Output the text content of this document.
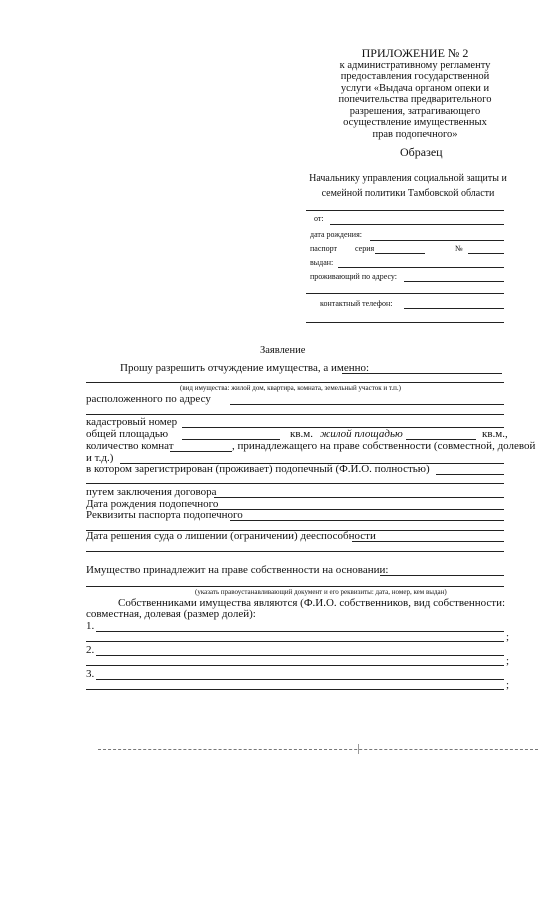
ПРИЛОЖЕНИЕ № 2
к административному регламенту
предоставления государственной
услуги «Выдача органом опеки и
попечительства предварительного
разрешения, затрагивающего
осуществление имущественных
прав подопечного»
Образец
Начальнику управления социальной защиты и
семейной политики Тамбовской области
от:
дата рождения:
паспорт серия	№
выдан:
проживающий по адресу:
контактный телефон:
Заявление
Прошу разрешить отчуждение имущества, а именно:
(вид имущества: жилой дом, квартира, комната, земельный участок и т.п.)
расположенного по адресу
кадастровый номер
общей площадью	кв.м. жилой площадью	кв.м.,
количество комнат	, принадлежащего на праве собственности (совместной, долевой
и т.д.)
в котором зарегистрирован (проживает) подопечный (Ф.И.О. полностью)
путем заключения договора
Дата рождения подопечного
Реквизиты паспорта подопечного
Дата решения суда о лишении (ограничении) дееспособности
Имущество принадлежит на праве собственности на основании:
(указать правоустанавливающий документ и его реквизиты: дата, номер, кем выдан)
Собственниками имущества являются (Ф.И.О. собственников, вид собственности:
совместная, долевая (размер долей):
1.
;
2.
;
3.
;
